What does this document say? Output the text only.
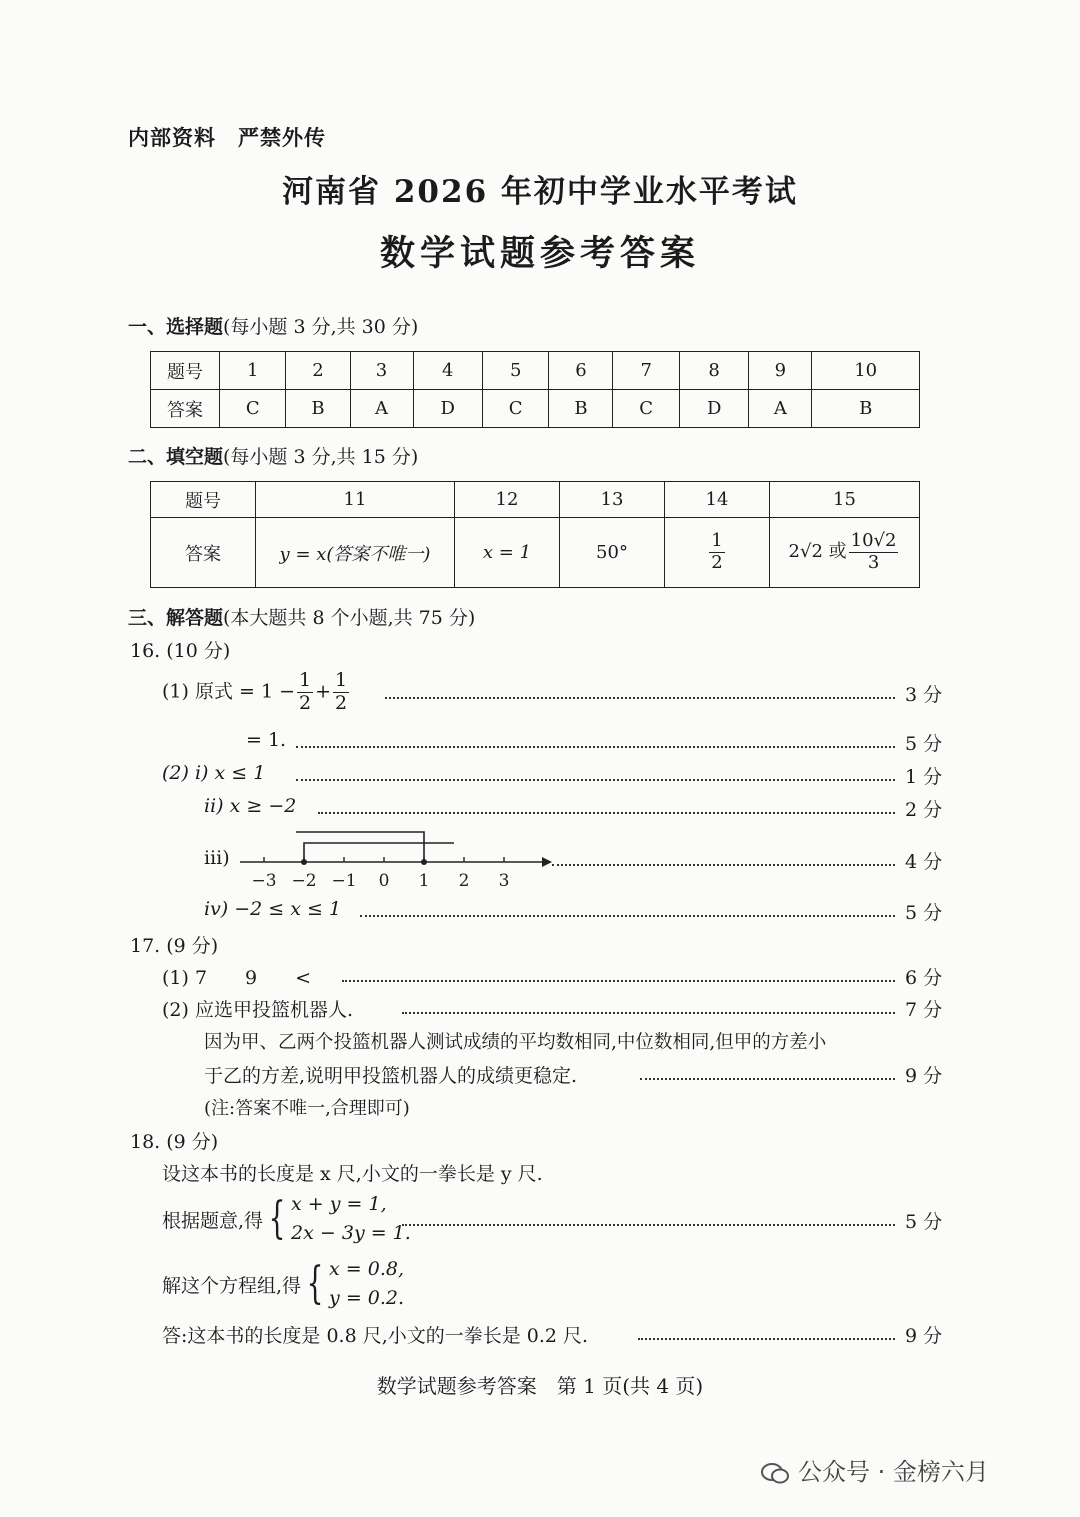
内部资料　严禁外传
河南省 2026 年初中学业水平考试
数学试题参考答案
一、选择题(每小题 3 分,共 30 分)
题号	1	2	3	4	5	6	7	8	9	10
答案	C	B	A	D	C	B	C	D	A	B
二、填空题(每小题 3 分,共 15 分)
题号	11	12	13	14	15
答案	y = x(答案不唯一)	x = 1	50°	$\frac{1}{2}$	2√2 或 $\frac{10√2}{3}$
三、解答题(本大题共 8 个小题,共 75 分)
16. (10 分)
(1) 原式 = $1 - \frac{1}{2} + \frac{1}{2}$	3 分
= 1.	5 分
(2) ⅰ) x ≤ 1	1 分
ⅱ) x ≥ −2	2 分
ⅲ)
−3 −2 −1 0 1 2 3
4 分
ⅳ) −2 ≤ x ≤ 1	5 分
17. (9 分)
(1) 7　　9　　<	6 分
(2) 应选甲投篮机器人.	7 分
因为甲、乙两个投篮机器人测试成绩的平均数相同,中位数相同,但甲的方差小
于乙的方差,说明甲投篮机器人的成绩更稳定.	9 分
(注:答案不唯一,合理即可)
18. (9 分)
设这本书的长度是 x 尺,小文的一拳长是 y 尺.
根据题意,得 { x + y = 1,
2x − 3y = 1.
5 分
解这个方程组,得 { x = 0.8,
y = 0.2.
答:这本书的长度是 0.8 尺,小文的一拳长是 0.2 尺.	9 分
数学试题参考答案　第 1 页(共 4 页)
公众号 · 金榜六月
